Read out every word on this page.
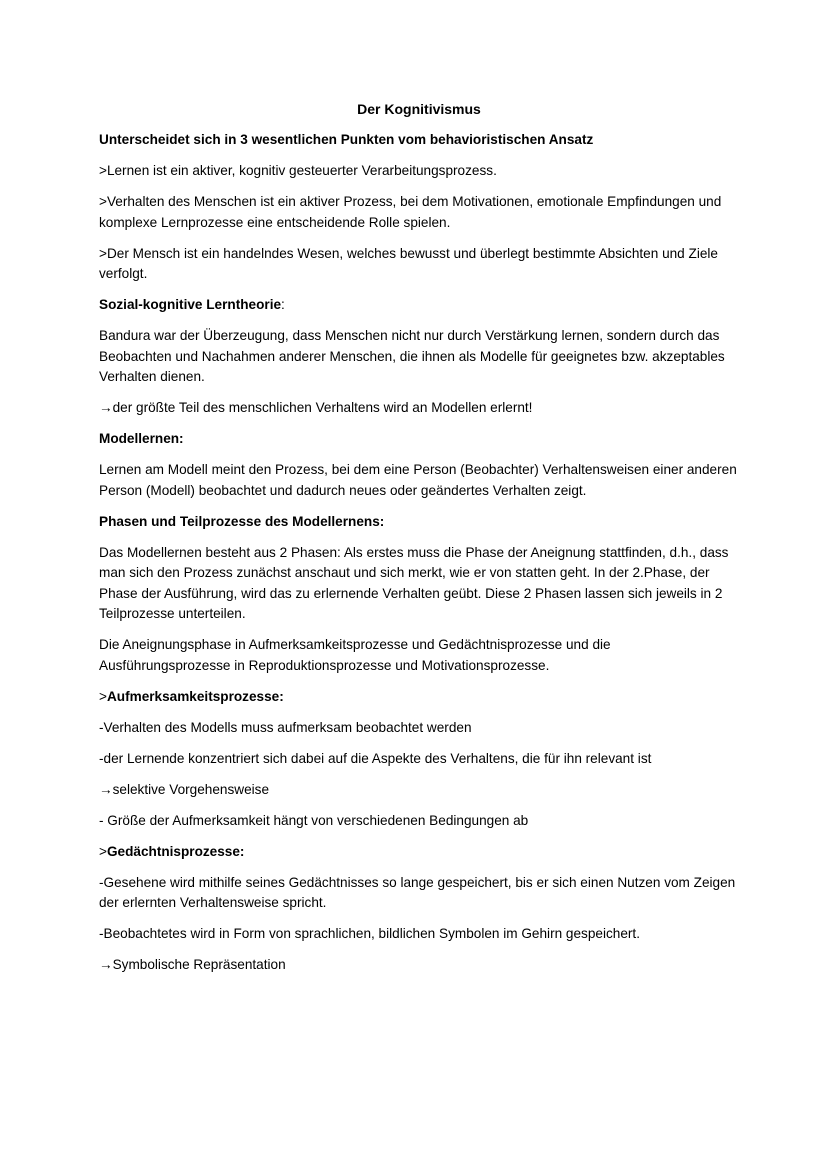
Der Kognitivismus

Unterscheidet sich in 3 wesentlichen Punkten vom behavioristischen Ansatz

>Lernen ist ein aktiver, kognitiv gesteuerter Verarbeitungsprozess.

>Verhalten des Menschen ist ein aktiver Prozess, bei dem Motivationen, emotionale Empfindungen und komplexe Lernprozesse eine entscheidende Rolle spielen.

>Der Mensch ist ein handelndes Wesen, welches bewusst und überlegt bestimmte Absichten und Ziele verfolgt.

Sozial-kognitive Lerntheorie:

Bandura war der Überzeugung, dass Menschen nicht nur durch Verstärkung lernen, sondern durch das Beobachten und Nachahmen anderer Menschen, die ihnen als Modelle für geeignetes bzw. akzeptables Verhalten dienen.

→der größte Teil des menschlichen Verhaltens wird an Modellen erlernt!

Modellernen:

Lernen am Modell meint den Prozess, bei dem eine Person (Beobachter) Verhaltensweisen einer anderen Person (Modell) beobachtet und dadurch neues oder geändertes Verhalten zeigt.

Phasen und Teilprozesse des Modellernens:

Das Modellernen besteht aus 2 Phasen: Als erstes muss die Phase der Aneignung stattfinden, d.h., dass man sich den Prozess zunächst anschaut und sich merkt, wie er von statten geht. In der 2.Phase, der Phase der Ausführung, wird das zu erlernende Verhalten geübt. Diese 2 Phasen lassen sich jeweils in 2 Teilprozesse unterteilen.

Die Aneignungsphase in Aufmerksamkeitsprozesse und Gedächtnisprozesse und die Ausführungsprozesse in Reproduktionsprozesse und Motivationsprozesse.

>Aufmerksamkeitsprozesse:

-Verhalten des Modells muss aufmerksam beobachtet werden

-der Lernende konzentriert sich dabei auf die Aspekte des Verhaltens, die für ihn relevant ist

→selektive Vorgehensweise

- Größe der Aufmerksamkeit hängt von verschiedenen Bedingungen ab

>Gedächtnisprozesse:

-Gesehene wird mithilfe seines Gedächtnisses so lange gespeichert, bis er sich einen Nutzen vom Zeigen der erlernten Verhaltensweise spricht.

-Beobachtetes wird in Form von sprachlichen, bildlichen Symbolen im Gehirn gespeichert.

→Symbolische Repräsentation
